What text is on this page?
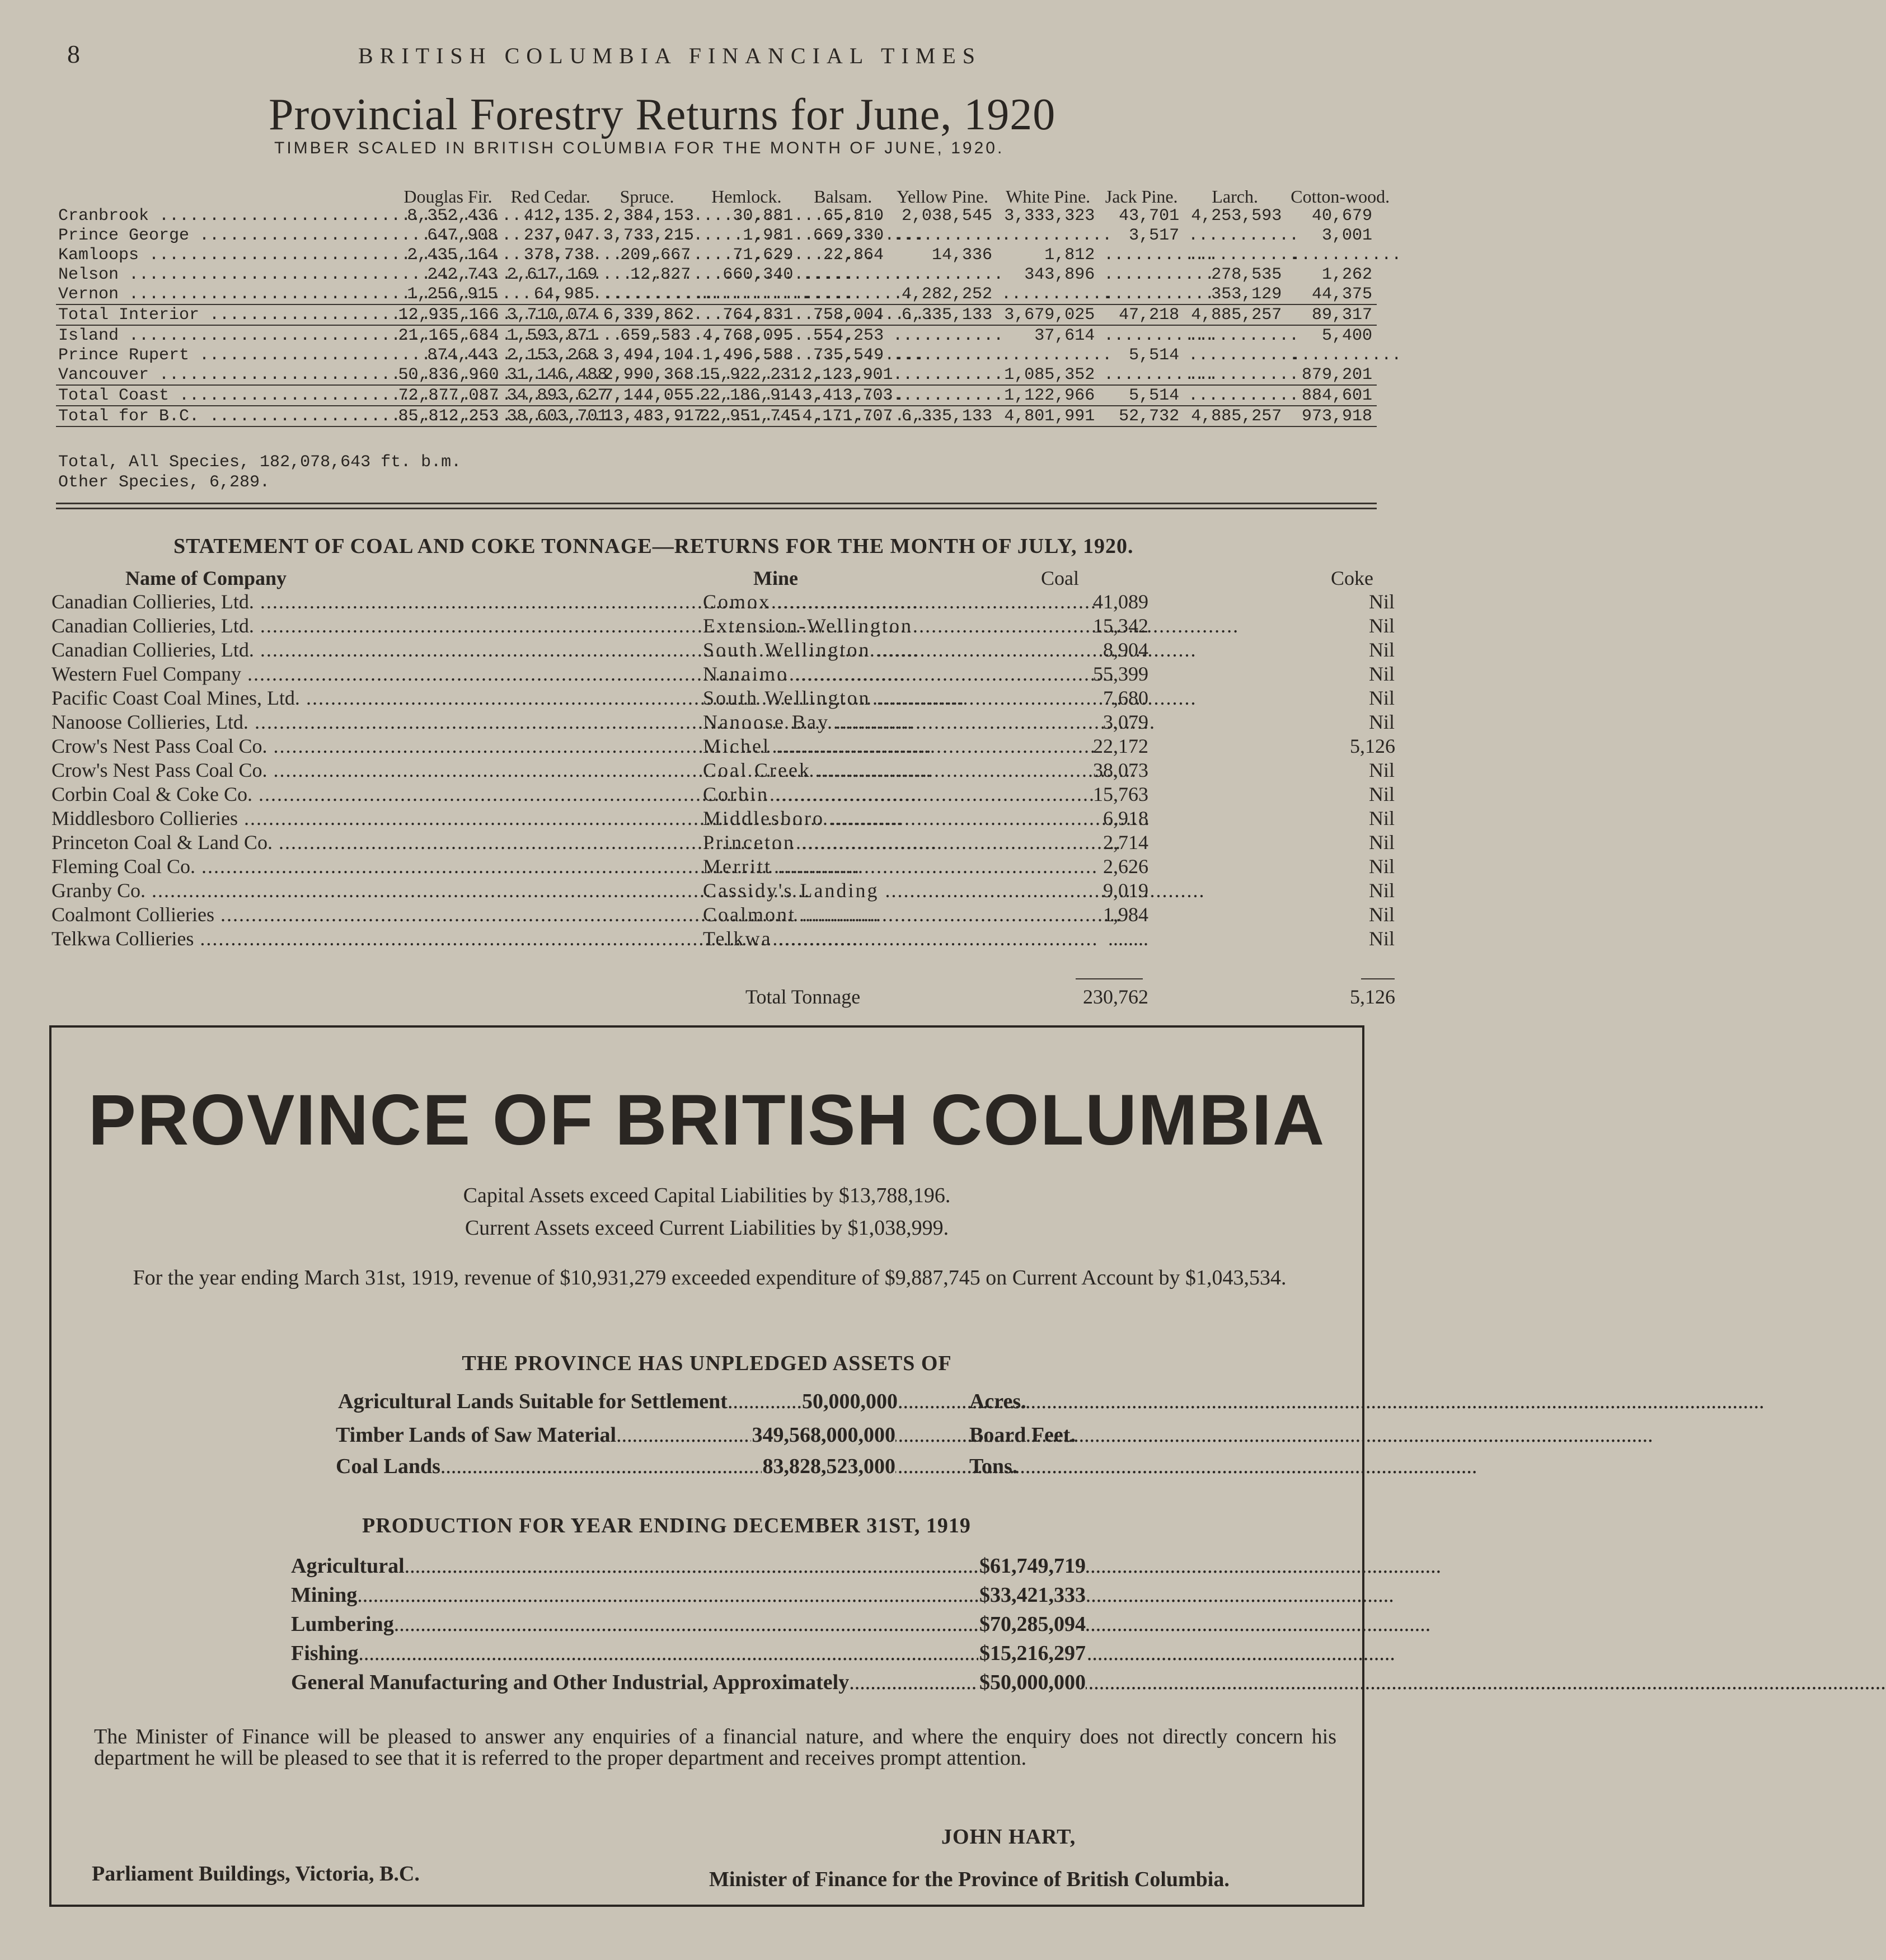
8	BRITISH COLUMBIA FINANCIAL TIMES
Provincial Forestry Returns for June, 1920
TIMBER SCALED IN BRITISH COLUMBIA FOR THE MONTH OF JUNE, 1920.
	Douglas Fir.	Red Cedar.	Spruce.	Hemlock.	Balsam.	Yellow Pine.	White Pine.	Jack Pine.	Larch.	Cotton-wood.
Cranbrook .....	8,352,436	412,135	2,384,153	30,881	65,810	2,038,545	3,333,323	43,701	4,253,593	40,679
Prince George .....	647,908	237,047	3,733,215	1,981	669,330	...........	...........	3,517	...........	3,001
Kamloops .....	2,435,164	378,738	209,667	71,629	22,864	14,336	1,812	...........	...........	...........
Nelson .....	242,743	2,617,169	12,827	660,340	...........	...........	343,896	...........	278,535	1,262
Vernon .....	1,256,915	64,985	...........	...........	...........	4,282,252	...........	...........	353,129	44,375
Total Interior .....	12,935,166	3,710,074	6,339,862	764,831	758,004	6,335,133	3,679,025	47,218	4,885,257	89,317
Island .....	21,165,684	1,593,871	659,583	4,768,095	554,253	...........	37,614	...........	...........	5,400
Prince Rupert .....	874,443	2,153,268	3,494,104	1,496,588	735,549	...........	...........	5,514	...........	...........
Vancouver .....	50,836,960	31,146,488	2,990,368	15,922,231	2,123,901	...........	1,085,352	...........	...........	879,201
Total Coast .....	72,877,087	34,893,627	7,144,055	22,186,914	3,413,703	...........	1,122,966	5,514	...........	884,601
Total for B.C. .....	85,812,253	38,603,701	13,483,917	22,951,745	4,171,707	6,335,133	4,801,991	52,732	4,885,257	973,918
Total, All Species, 182,078,643 ft. b.m.
Other Species, 6,289.
STATEMENT OF COAL AND COKE TONNAGE—RETURNS FOR THE MONTH OF JULY, 1920.
Name of Company	Mine	Coal	Coke
Canadian Collieries, Ltd. .....	Comox .....	41,089	Nil
Canadian Collieries, Ltd. .....	Extension-Wellington .....	15,342	Nil
Canadian Collieries, Ltd. .....	South Wellington .....	8,904	Nil
Western Fuel Company .....	Nanaimo .....	55,399	Nil
Pacific Coast Coal Mines, Ltd. .....	South Wellington .....	7,680	Nil
Nanoose Collieries, Ltd. .....	Nanoose Bay .....	3,079	Nil
Crow's Nest Pass Coal Co. .....	Michel .....	22,172	5,126
Crow's Nest Pass Coal Co. .....	Coal Creek .....	38,073	Nil
Corbin Coal & Coke Co. .....	Corbin .....	15,763	Nil
Middlesboro Collieries .....	Middlesboro .....	6,918	Nil
Princeton Coal & Land Co. .....	Princeton .....	2,714	Nil
Fleming Coal Co. .....	Merritt .....	2,626	Nil
Granby Co. .....	Cassidy's Landing .....	9,019	Nil
Coalmont Collieries .....	Coalmont .....	1,984	Nil
Telkwa Collieries .....	Telkwa .....	........	Nil
Total Tonnage	230,762	5,126
PROVINCE OF BRITISH COLUMBIA
Capital Assets exceed Capital Liabilities by $13,788,196.
Current Assets exceed Current Liabilities by $1,038,999.
For the year ending March 31st, 1919, revenue of $10,931,279 exceeded expenditure of $9,887,745 on Current Account by $1,043,534.
THE PROVINCE HAS UNPLEDGED ASSETS OF
Agricultural Lands Suitable for Settlement .....	50,000,000	Acres.
Timber Lands of Saw Material .....	349,568,000,000	Board Feet.
Coal Lands .....	83,828,523,000	Tons.
PRODUCTION FOR YEAR ENDING DECEMBER 31ST, 1919
Agricultural .....	$61,749,719
Mining .....	$33,421,333
Lumbering .....	$70,285,094
Fishing .....	$15,216,297
General Manufacturing and Other Industrial, Approximately .....	$50,000,000
The Minister of Finance will be pleased to answer any enquiries of a financial nature, and where the enquiry does not directly concern his department he will be pleased to see that it is referred to the proper department and receives prompt attention.
Parliament Buildings, Victoria, B.C.
JOHN HART,
Minister of Finance for the Province of British Columbia.
